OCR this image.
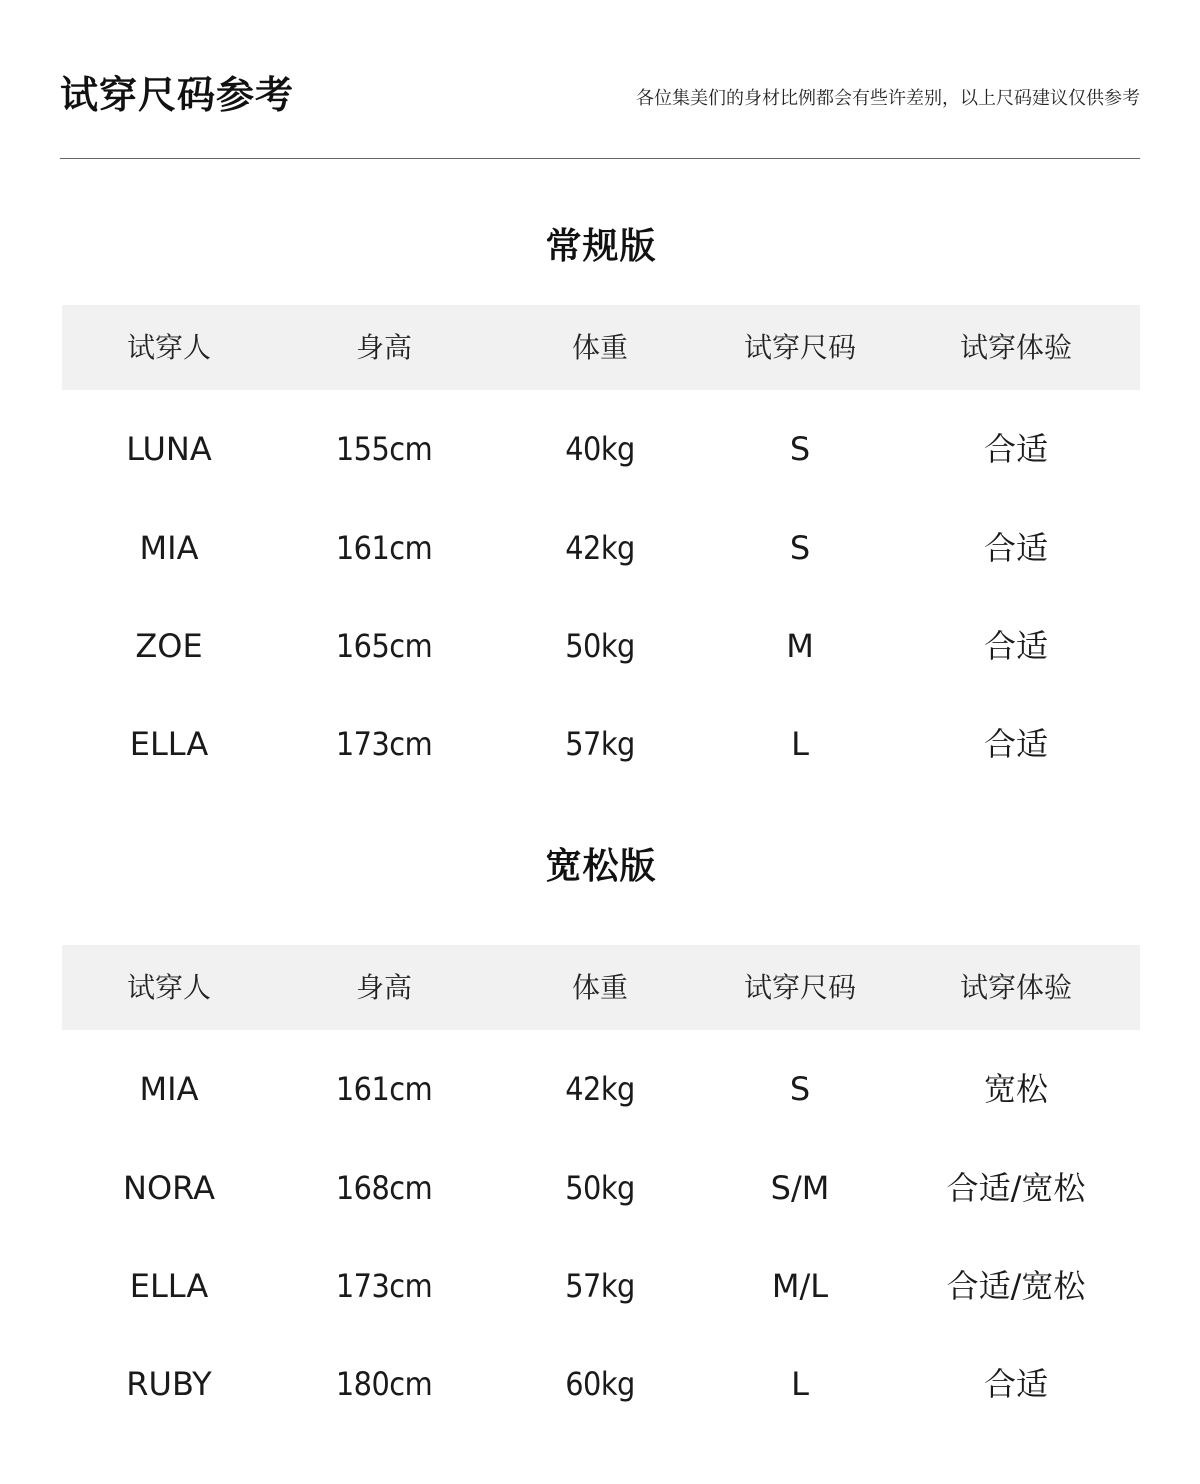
试穿尺码参考	各位集美们的身材比例都会有些许差别，以上尺码建议仅供参考
常规版
试穿人	身高	体重	试穿尺码	试穿体验
LUNA	155cm	40kg	S	合适
MIA	161cm	42kg	S	合适
ZOE	165cm	50kg	M	合适
ELLA	173cm	57kg	L	合适
宽松版
试穿人	身高	体重	试穿尺码	试穿体验
MIA	161cm	42kg	S	宽松
NORA	168cm	50kg	S/M	合适/宽松
ELLA	173cm	57kg	M/L	合适/宽松
RUBY	180cm	60kg	L	合适
